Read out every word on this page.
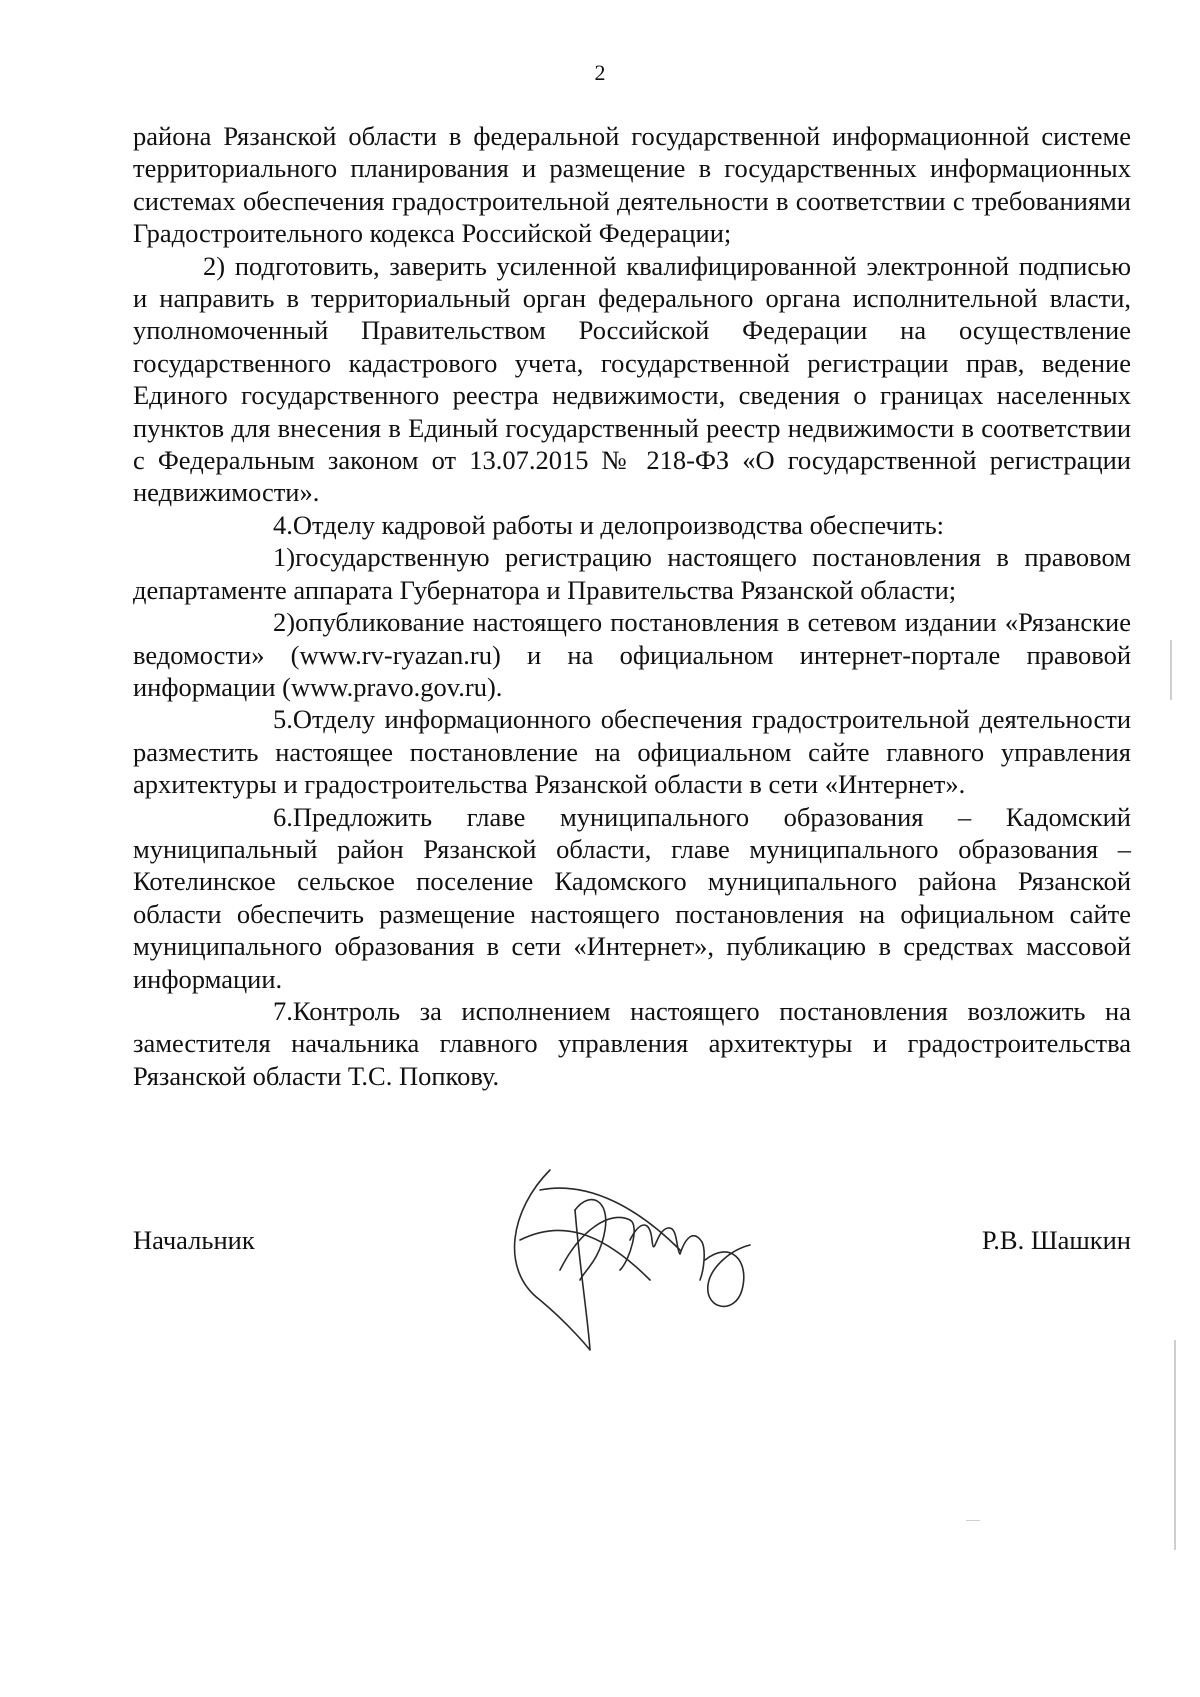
2

района Рязанской области в федеральной государственной информационной системе территориального планирования и размещение в государственных информационных системах обеспечения градостроительной деятельности в соответствии с требованиями Градостроительного кодекса Российской Федерации;

2) подготовить, заверить усиленной квалифицированной электронной подписью и направить в территориальный орган федерального органа исполнительной власти, уполномоченный Правительством Российской Федерации на осуществление государственного кадастрового учета, государственной регистрации прав, ведение Единого государственного реестра недвижимости, сведения о границах населенных пунктов для внесения в Единый государственный реестр недвижимости в соответствии с Федеральным законом от 13.07.2015 № 218-ФЗ «О государственной регистрации недвижимости».

4.Отделу кадровой работы и делопроизводства обеспечить:

1)государственную регистрацию настоящего постановления в правовом департаменте аппарата Губернатора и Правительства Рязанской области;

2)опубликование настоящего постановления в сетевом издании «Рязанские ведомости» (www.rv-ryazan.ru) и на официальном интернет-портале правовой информации (www.pravo.gov.ru).

5.Отделу информационного обеспечения градостроительной деятельности разместить настоящее постановление на официальном сайте главного управления архитектуры и градостроительства Рязанской области в сети «Интернет».

6.Предложить главе муниципального образования – Кадомский муниципальный район Рязанской области, главе муниципального образования – Котелинское сельское поселение Кадомского муниципального района Рязанской области обеспечить размещение настоящего постановления на официальном сайте муниципального образования в сети «Интернет», публикацию в средствах массовой информации.

7.Контроль за исполнением настоящего постановления возложить на заместителя начальника главного управления архитектуры и градостроительства Рязанской области Т.С. Попкову.

Начальник	Р.В. Шашкин
